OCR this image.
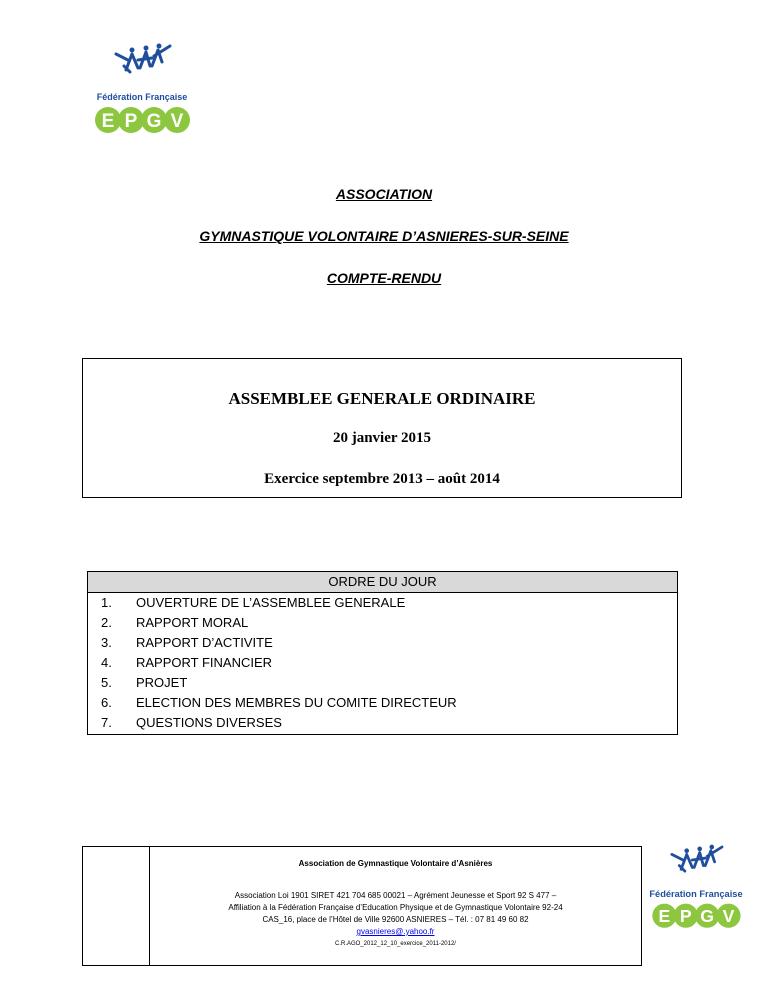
Fédération Française
E P G V
ASSOCIATION
GYMNASTIQUE VOLONTAIRE D’ASNIERES-SUR-SEINE
COMPTE-RENDU
ASSEMBLEE GENERALE ORDINAIRE
20 janvier 2015
Exercice septembre 2013 – août 2014
ORDRE DU JOUR
1.	OUVERTURE DE L’ASSEMBLEE GENERALE
2.	RAPPORT MORAL
3.	RAPPORT D’ACTIVITE
4.	RAPPORT FINANCIER
5.	PROJET
6.	ELECTION DES MEMBRES DU COMITE DIRECTEUR
7.	QUESTIONS DIVERSES
Association de Gymnastique Volontaire d’Asnières
Association Loi 1901 SIRET 421 704 685 00021 – Agrément Jeunesse et Sport 92 S 477 –
Affiliation à la Fédération Française d’Education Physique et de Gymnastique Volontaire 92-24
CAS_16, place de l’Hôtel de Ville 92600 ASNIERES – Tél. : 07 81 49 60 82
gvasnieres@.yahoo.fr
C.R.AGO_2012_12_10_exercice_2011-2012/
Fédération Française
E P G V
